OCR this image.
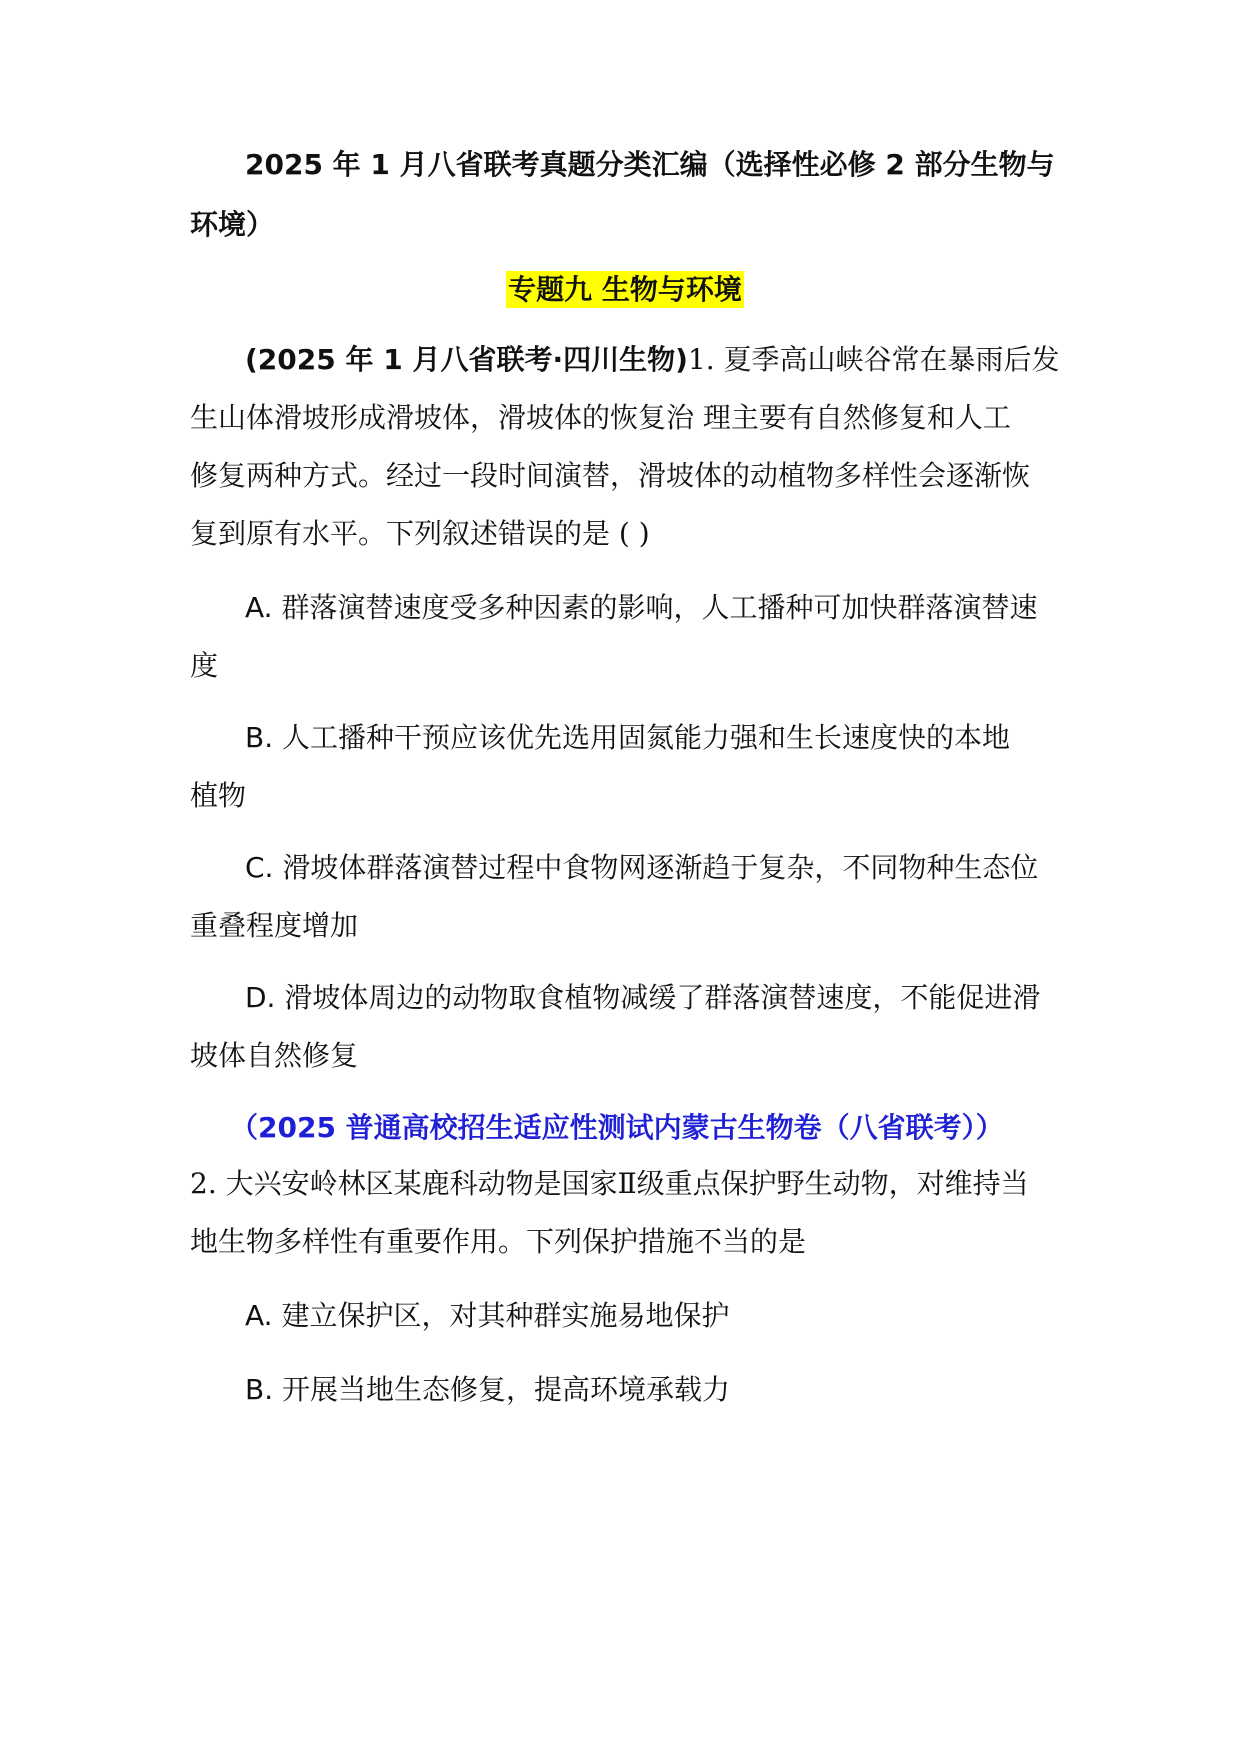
2025 年 1 月八省联考真题分类汇编（选择性必修 2 部分生物与
环境）
专题九 生物与环境
(2025 年 1 月八省联考·四川生物)1. 夏季高山峡谷常在暴雨后发
生山体滑坡形成滑坡体，滑坡体的恢复治 理主要有自然修复和人工
修复两种方式。经过一段时间演替，滑坡体的动植物多样性会逐渐恢
复到原有水平。下列叙述错误的是 ( )
A. 群落演替速度受多种因素的影响，人工播种可加快群落演替速
度
B. 人工播种干预应该优先选用固氮能力强和生长速度快的本地
植物
C. 滑坡体群落演替过程中食物网逐渐趋于复杂，不同物种生态位
重叠程度增加
D. 滑坡体周边的动物取食植物减缓了群落演替速度，不能促进滑
坡体自然修复
（2025 普通高校招生适应性测试内蒙古生物卷（八省联考））
2. 大兴安岭林区某鹿科动物是国家Ⅱ级重点保护野生动物，对维持当
地生物多样性有重要作用。下列保护措施不当的是
A. 建立保护区，对其种群实施易地保护
B. 开展当地生态修复，提高环境承载力
